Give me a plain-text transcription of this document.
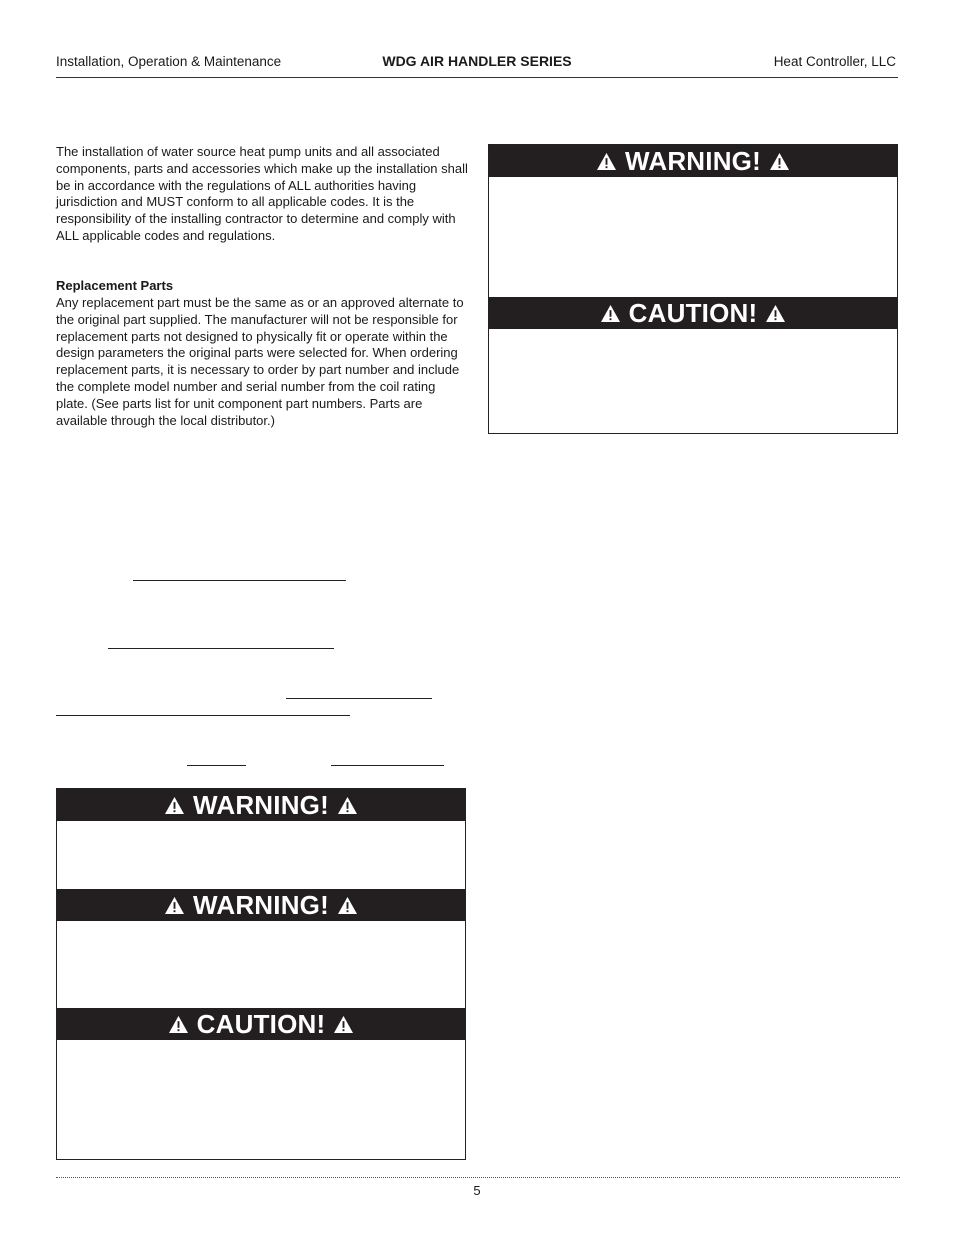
Installation, Operation & Maintenance	WDG AIR HANDLER SERIES	Heat Controller, LLC
The installation of water source heat pump units and all associated components, parts and accessories which make up the installation shall be in accordance with the regulations of ALL authorities having jurisdiction and MUST conform to all applicable codes. It is the responsibility of the installing contractor to determine and comply with ALL applicable codes and regulations.
Replacement Parts
Any replacement part must be the same as or an approved alternate to the original part supplied. The manufacturer will not be responsible for replacement parts not designed to physically fit or operate within the design parameters the original parts were selected for. When ordering replacement parts, it is necessary to order by part number and include the complete model number and serial number from the coil rating plate. (See parts list for unit component part numbers. Parts are available through the local distributor.)
WARNING!
CAUTION!
WARNING!
WARNING!
CAUTION!
5
